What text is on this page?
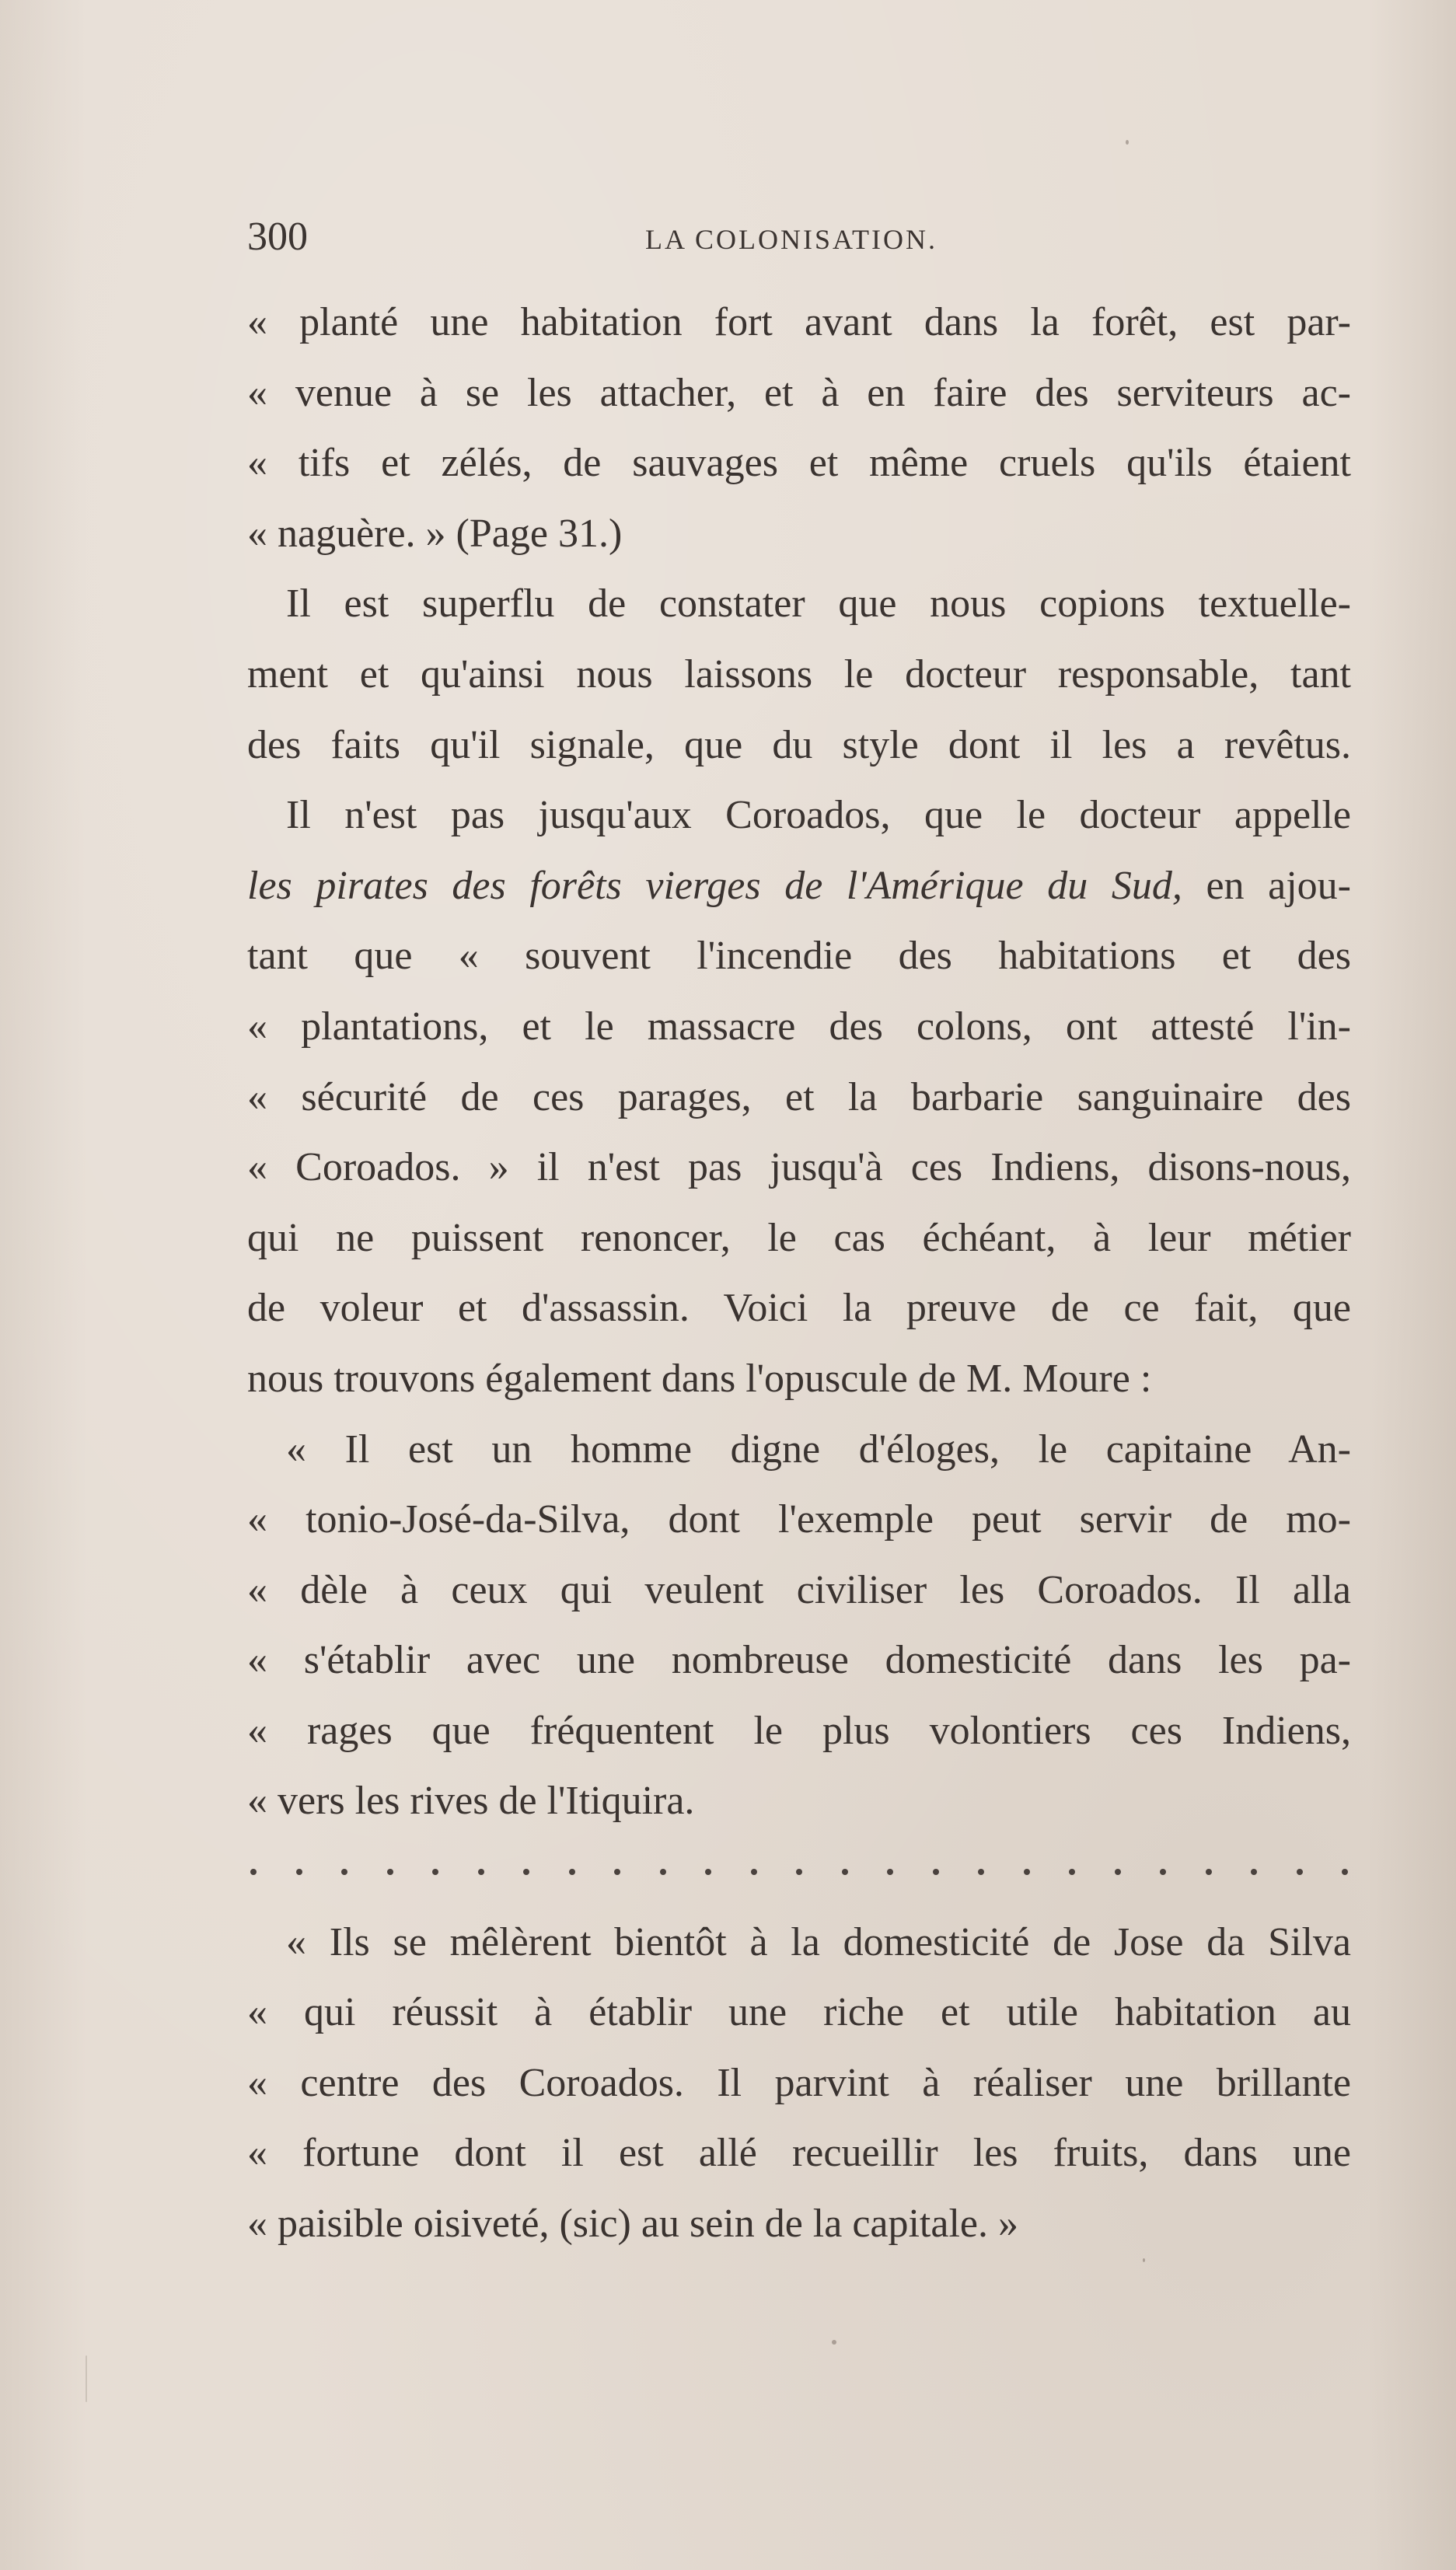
300	LA COLONISATION.
« planté une habitation fort avant dans la forêt, est par-
« venue à se les attacher, et à en faire des serviteurs ac-
« tifs et zélés, de sauvages et même cruels qu'ils étaient
« naguère. » (Page 31.)
Il est superflu de constater que nous copions textuelle-
ment et qu'ainsi nous laissons le docteur responsable, tant
des faits qu'il signale, que du style dont il les a revêtus.
Il n'est pas jusqu'aux Coroados, que le docteur appelle
les pirates des forêts vierges de l'Amérique du Sud, en ajou-
tant que « souvent l'incendie des habitations et des
« plantations, et le massacre des colons, ont attesté l'in-
« sécurité de ces parages, et la barbarie sanguinaire des
« Coroados. » il n'est pas jusqu'à ces Indiens, disons-nous,
qui ne puissent renoncer, le cas échéant, à leur métier
de voleur et d'assassin. Voici la preuve de ce fait, que
nous trouvons également dans l'opuscule de M. Moure :
« Il est un homme digne d'éloges, le capitaine An-
« tonio-José-da-Silva, dont l'exemple peut servir de mo-
« dèle à ceux qui veulent civiliser les Coroados. Il alla
« s'établir avec une nombreuse domesticité dans les pa-
« rages que fréquentent le plus volontiers ces Indiens,
« vers les rives de l'Itiquira.
« Ils se mêlèrent bientôt à la domesticité de Jose da Silva
« qui réussit à établir une riche et utile habitation au
« centre des Coroados. Il parvint à réaliser une brillante
« fortune dont il est allé recueillir les fruits, dans une
« paisible oisiveté, (sic) au sein de la capitale. »
